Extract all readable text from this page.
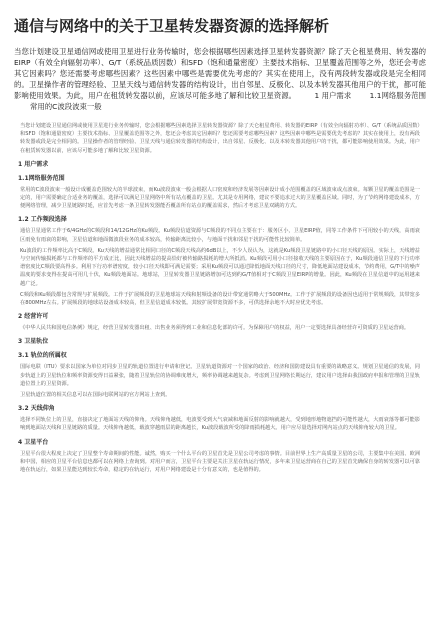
通信与网络中的关于卫星转发器资源的选择解析
当您计划建设卫星通信网或使用卫星进行业务传输时，您会根据哪些因素选择卫星转发器资源？除了天仑租星费用、转发器的EIRP（有效全向辐射功率）、G/T（系统品质因数）和SFD（饱和通量密度）主要技术指标、卫星覆盖范围等之外，您还会考虑其它因素吗？您还需要考虑哪些因素？这些因素中哪些是需要优先考虑的？其实在使用上，没有两段转发器或段是完全相同的。卫星操作者的管理经验、卫星天线与通信转发器的结构设计，出自邻星、反极化、以及本转发器其他用户的干扰，都可能影响使用效果。为此，用户在租赁转发器以前，应该尽可能多地了解和比较卫星资源。 1 用户需求 1.1网络服务范围 常用的C波段波束一般
当您计划建设卫星通信网或使用卫星进行业务传输时，您会根据哪些因素选择卫星转发器资源？除了天仑租星费用、转发器的EIRP（有效全向辐射功率）、G/T（系统品质因数）和SFD（饱和通量密度）主要技术指标、卫星覆盖范围等之外，您还会考虑其它因素吗？您还需要考虑哪些因素？这些因素中哪些是需要优先考虑的？其实在使用上，没有两段转发器或段是完全相同的。卫星操作者的管理经验、卫星天线与通信转发器的结构设计，出自邻星、反极化、以及本转发器其他用户的干扰，都可能影响使用效果。为此，用户在租赁转发器以前，应该尽可能多地了解和比较卫星资源。
1 用户需求
1.1网络服务范围
常用的C波段波束一般设计成覆盖范围较大的半球波束，而Ku波段波束一般会根据人口密度和经济发展等因素设计成小范围覆盖的区域波束或点波束。每颗卫星的覆盖范围是一定的，用户需要确定合适业务的覆盖，选择可以满足卫星网络中所有站点覆盖的卫星。尤其是专用网络，建议不要追求过大的卫星覆盖区域。同时，为了节约网络建设成本，方便网络管理，减少卫星链路时延，应首先考虑一条卫星转发器能否覆盖所有站点的覆盖需求，然后才考虑卫星双跳的方式。
1.2 工作频段选择
通信卫星通常工作于6/4GHz的C频段和14/12GHz的Ku频段。Ku频段信道资源与C频段的不同点主要在于：服务区小，卫星EIRP值，同等工作条件下可用较小的天线，高雨衰区雨免有雨衰的影响，卫星信道和地面微波段业务的成本较高，传输距离比较小，与地面干扰和邻星干扰的可能性比较简单。
Ku波段的工作频率比高于C频段。Ku天线的增益通常比相同口径的C频段天线高约6dB以上，不少人误认为，这就是Ku频段卫星链路中的小口径天线的原因。实际上，天线增益与空间传输损耗都与工作频率的平方成正比，因此天线增益的提高恰好被传输路损耗的增大所抵消。Ku频段可用小口径接收天线的主要原因在于，Ku频段通信卫星的下行功率谱密度比C频段要高得多。利用下行功率谱密度，较小口径天线即可满足需要；采用Ku频段可以通过降低地面天线口径的尺寸，降低地面站建设成本，节约费用，G/T中的噪声温度的要求变得在提高可用几十伏，Ku频段地面站。地球站，卫星转发器卫星链路增加可达到约G/T值相对于C频段卫星EIRP的增量。因此，Ku频段在卫星信道中的运用越来越广泛。
C频段和Ku频段都包含常规与扩展频段。工作于扩展频段的卫星地球站天线和射频设备的设计带宽通常略大于500MHz。工作于扩展频段的设备因也适用于常规频段，其带宽多在800MHz左右。扩展频段的地球站设备成本较高，但卫星信道成本较低。其较扩展带宽资源不多，可供选择余地不大时应优先考虑。
2 经营许可
《中华人民共和国电信条例》规定，经营卫星转发器出租、出售业务须得到工业和信息化部的许可。为保障用户的权益，用户一定要选择具备经营许可资质的卫星运营商。
3 卫星轨位
3.1 轨位的所属权
国际电联（ITU）要求以国家为单位对同步卫星的轨道位置进行申请和登记。卫星轨道资源对一个国家的政治、经济和国防建设具有重要的战略意义。规划卫星通信的发展，同步轨道上的卫星轨位和频率资源变得日益紧张，随着卫星轨位的协调难度增大，频率协调越来越复杂。考虑到卫星网络长期运行，建议用户选择由我国政府申报和管理的卫星轨道位置上的卫星资源。
卫星轨道位置的相关信息可以在国际电联网站的官方网站上查到。
3.2 天线仰角
选择不同轨位上的卫星，直接决定了地面站天线的仰角。天线仰角越低，电波要受到大气衰减和地面反射的影响就越大，受到地形地物遮挡的可能性越大，大雨衰落等都可能影响到地面站天线和卫星链路的质量。天线仰角越低，载波穿越雨层的距离越长，Ku波段载波所受的降雨损耗越大。用户应尽量选择对网内站点的天线仰角较大的卫星。
4 卫星平台
卫星平台很大程度上决定了卫星整个寿命期间的性能。诚然，购买一个什么平台的卫星首先是卫星公司考虑的事情。目前世界上生产高质量卫星的公司，主要集中在美国、欧洲和中国，相应的卫星平台信息也都可以在网络上查询到。对用户而言，卫星平台主要是关注卫星在轨运行情况，多年来卫星运营商在自己的卫星首先确保自身的转发器可以可靠地在轨运行，如果卫星能达到较长寿命，稳定的在轨运行，对用户网络建设是十分有意义的，也是值得的。
